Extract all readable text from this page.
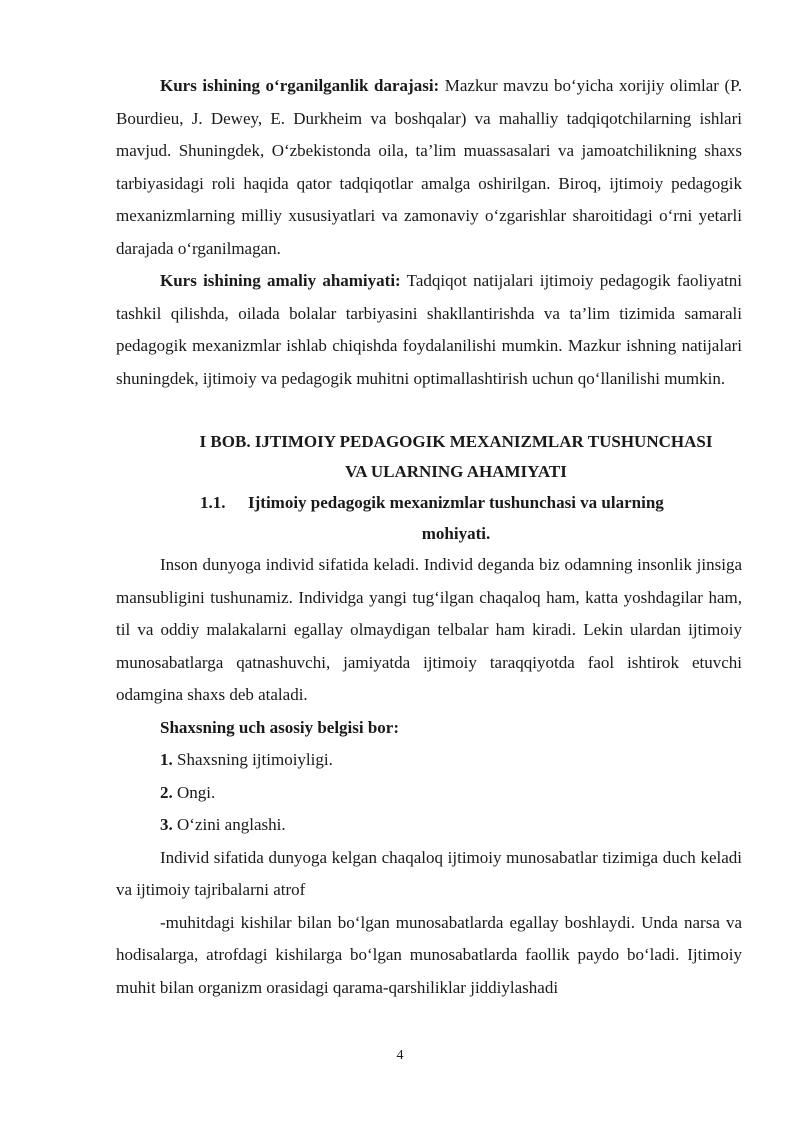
Kurs ishining o‘rganilganlik darajasi: Mazkur mavzu bo‘yicha xorijiy olimlar (P. Bourdieu, J. Dewey, E. Durkheim va boshqalar) va mahalliy tadqiqotchilarning ishlari mavjud. Shuningdek, O‘zbekistonda oila, ta’lim muassasalari va jamoatchilikning shaxs tarbiyasidagi roli haqida qator tadqiqotlar amalga oshirilgan. Biroq, ijtimoiy pedagogik mexanizmlarning milliy xususiyatlari va zamonaviy o‘zgarishlar sharoitidagi o‘rni yetarli darajada o‘rganilmagan.

Kurs ishining amaliy ahamiyati: Tadqiqot natijalari ijtimoiy pedagogik faoliyatni tashkil qilishda, oilada bolalar tarbiyasini shakllantirishda va ta’lim tizimida samarali pedagogik mexanizmlar ishlab chiqishda foydalanilishi mumkin. Mazkur ishning natijalari shuningdek, ijtimoiy va pedagogik muhitni optimallashtirish uchun qo‘llanilishi mumkin.

I BOB. IJTIMOIY PEDAGOGIK MEXANIZMLAR TUSHUNCHASI

VA ULARNING AHAMIYATI

1.1. Ijtimoiy pedagogik mexanizmlar tushunchasi va ularning
mohiyati.

Inson dunyoga individ sifatida keladi. Individ deganda biz odamning insonlik jinsiga mansubligini tushunamiz. Individga yangi tug‘ilgan chaqaloq ham, katta yoshdagilar ham, til va oddiy malakalarni egallay olmaydigan telbalar ham kiradi. Lekin ulardan ijtimoiy munosabatlarga qatnashuvchi, jamiyatda ijtimoiy taraqqiyotda faol ishtirok etuvchi odamgina shaxs deb ataladi.

Shaxsning uch asosiy belgisi bor:

1. Shaxsning ijtimoiyligi.

2. Ongi.

3. O‘zini anglashi.

Individ sifatida dunyoga kelgan chaqaloq ijtimoiy munosabatlar tizimiga duch keladi va ijtimoiy tajribalarni atrof

-muhitdagi kishilar bilan bo‘lgan munosabatlarda egallay boshlaydi. Unda narsa va hodisalarga, atrofdagi kishilarga bo‘lgan munosabatlarda faollik paydo bo‘ladi. Ijtimoiy muhit bilan organizm orasidagi qarama-qarshiliklar jiddiylashadi

4
